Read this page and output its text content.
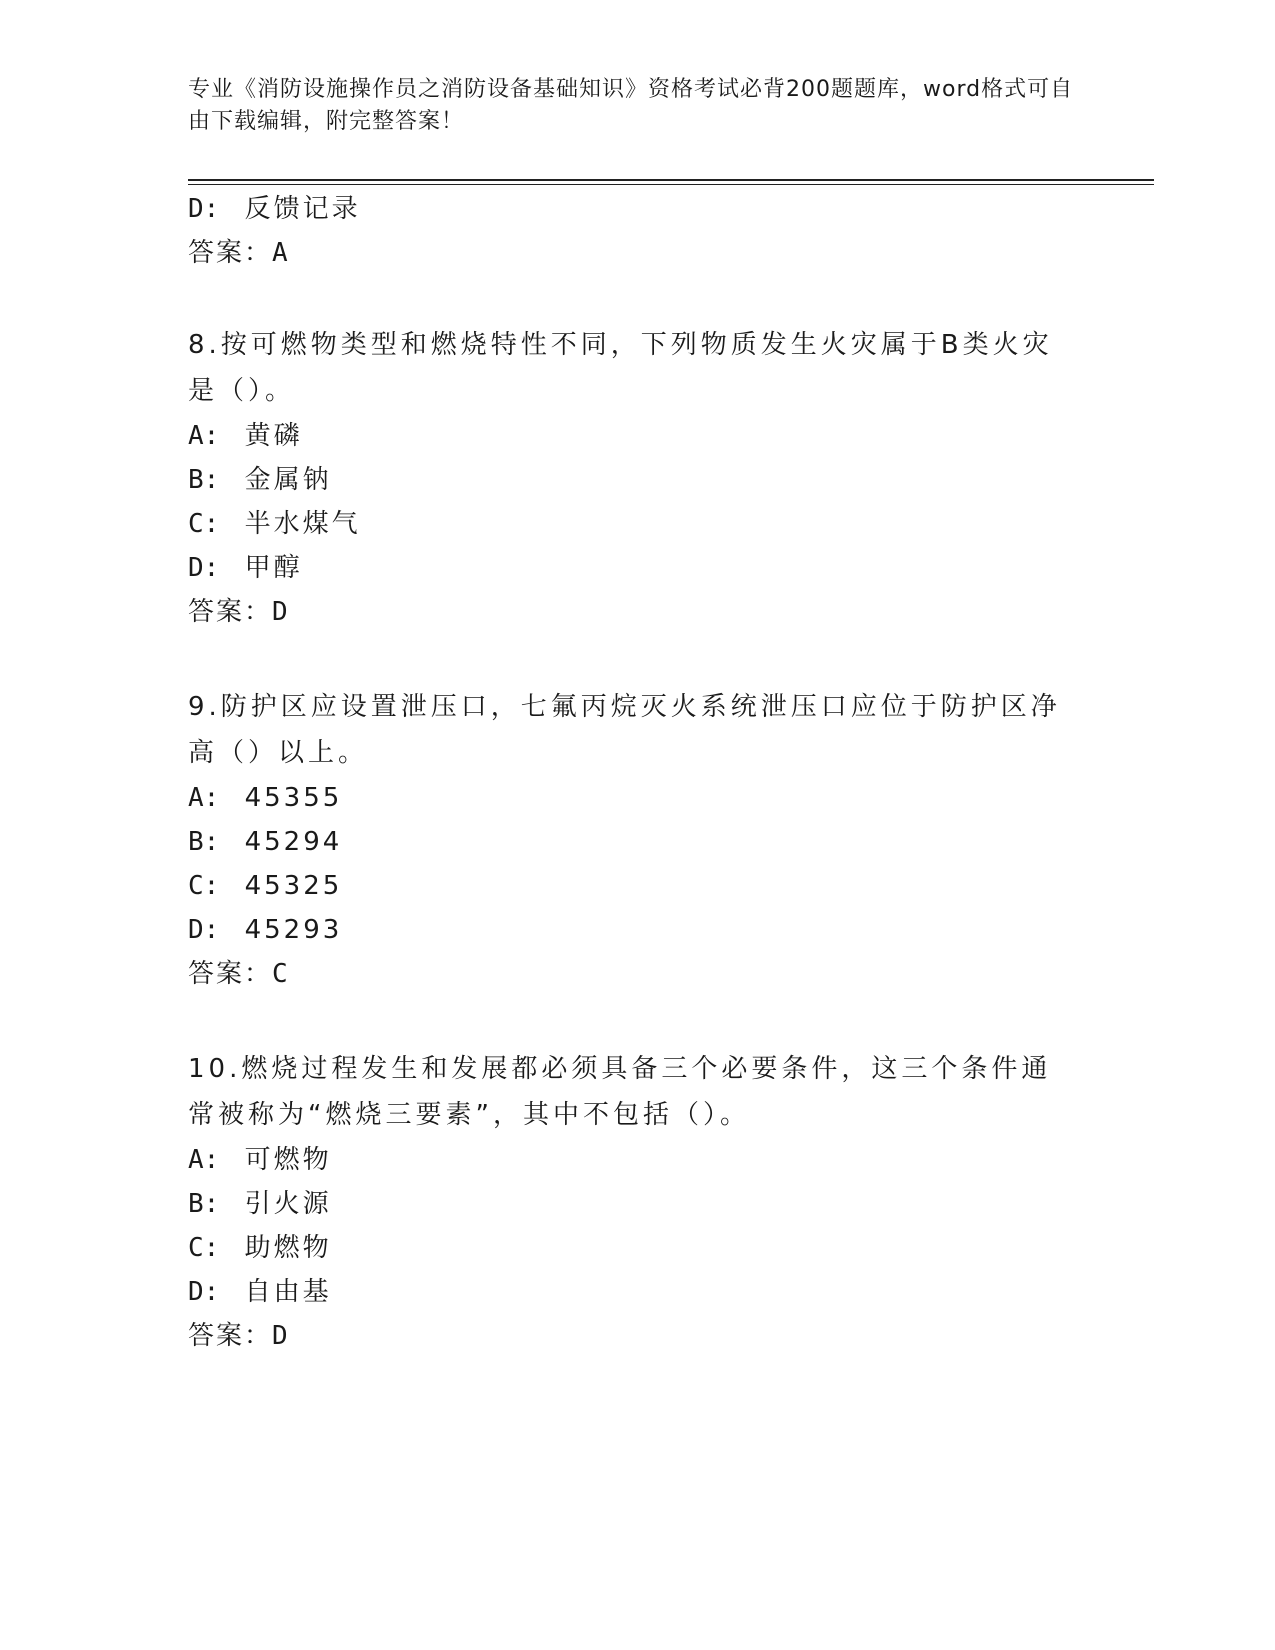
专业《消防设施操作员之消防设备基础知识》资格考试必背200题题库，word格式可自由下载编辑，附完整答案！
D: 反馈记录
答案：A
8.按可燃物类型和燃烧特性不同，下列物质发生火灾属于B类火灾是（）。
A: 黄磷
B: 金属钠
C: 半水煤气
D: 甲醇
答案：D
9.防护区应设置泄压口，七氟丙烷灭火系统泄压口应位于防护区净高（）以上。
A: 45355
B: 45294
C: 45325
D: 45293
答案：C
10.燃烧过程发生和发展都必须具备三个必要条件，这三个条件通常被称为“燃烧三要素”，其中不包括（）。
A: 可燃物
B: 引火源
C: 助燃物
D: 自由基
答案：D
